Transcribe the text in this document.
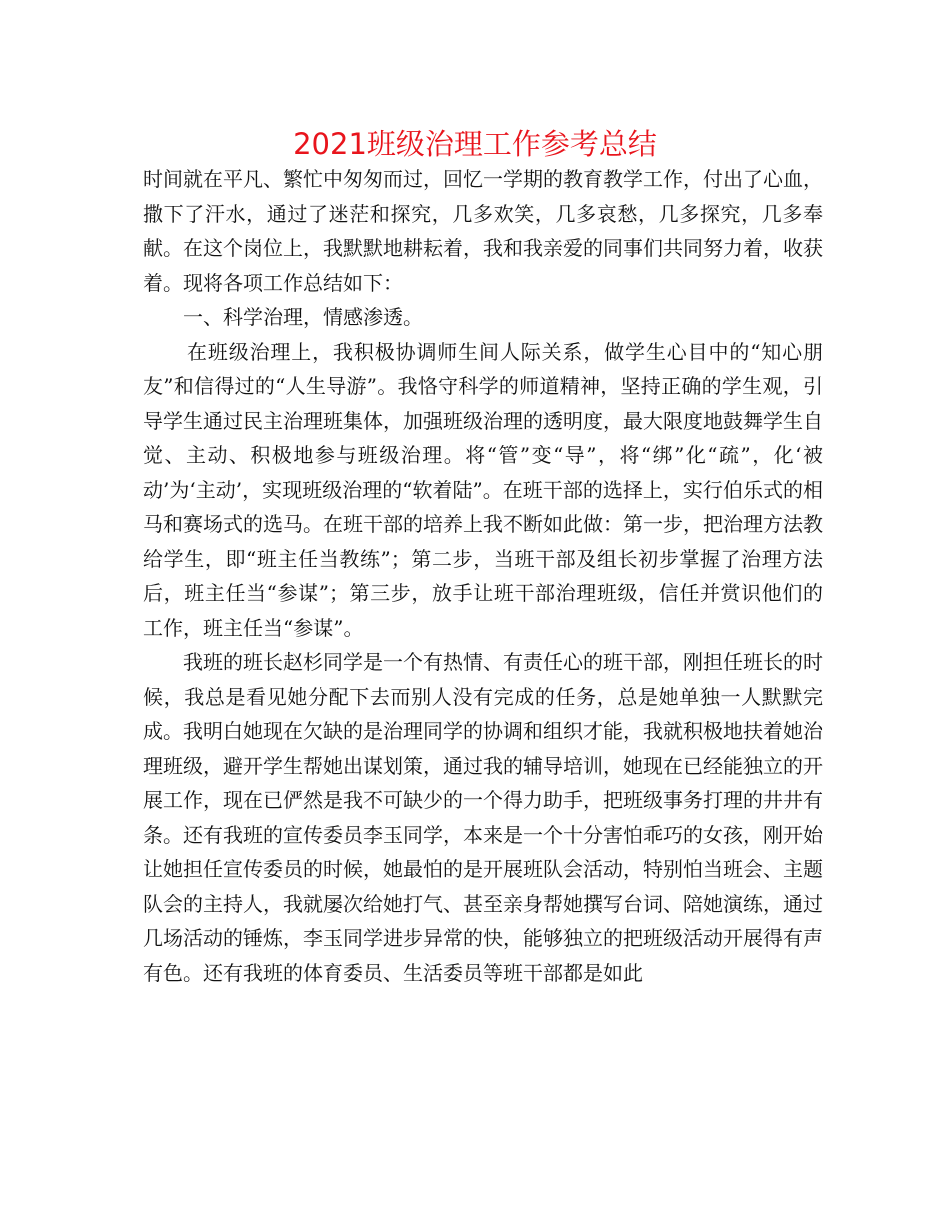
2021班级治理工作参考总结

时间就在平凡、繁忙中匆匆而过，回忆一学期的教育教学工作，付出了心血，撒下了汗水，通过了迷茫和探究，几多欢笑，几多哀愁，几多探究，几多奉献。在这个岗位上，我默默地耕耘着，我和我亲爱的同事们共同努力着，收获着。现将各项工作总结如下：

一、科学治理，情感渗透。

在班级治理上，我积极协调师生间人际关系，做学生心目中的“知心朋友”和信得过的“人生导游”。我恪守科学的师道精神，坚持正确的学生观，引导学生通过民主治理班集体，加强班级治理的透明度，最大限度地鼓舞学生自觉、主动、积极地参与班级治理。将“管”变“导”，将“绑”化“疏”，化‘被动’为‘主动’，实现班级治理的“软着陆”。在班干部的选择上，实行伯乐式的相马和赛场式的选马。在班干部的培养上我不断如此做：第一步，把治理方法教给学生，即“班主任当教练”；第二步，当班干部及组长初步掌握了治理方法后，班主任当“参谋”；第三步，放手让班干部治理班级，信任并赏识他们的工作，班主任当“参谋”。

我班的班长赵杉同学是一个有热情、有责任心的班干部，刚担任班长的时候，我总是看见她分配下去而别人没有完成的任务，总是她单独一人默默完成。我明白她现在欠缺的是治理同学的协调和组织才能，我就积极地扶着她治理班级，避开学生帮她出谋划策，通过我的辅导培训，她现在已经能独立的开展工作，现在已俨然是我不可缺少的一个得力助手，把班级事务打理的井井有条。还有我班的宣传委员李玉同学，本来是一个十分害怕乖巧的女孩，刚开始让她担任宣传委员的时候，她最怕的是开展班队会活动，特别怕当班会、主题队会的主持人，我就屡次给她打气、甚至亲身帮她撰写台词、陪她演练，通过几场活动的锤炼，李玉同学进步异常的快，能够独立的把班级活动开展得有声有色。还有我班的体育委员、生活委员等班干部都是如此
